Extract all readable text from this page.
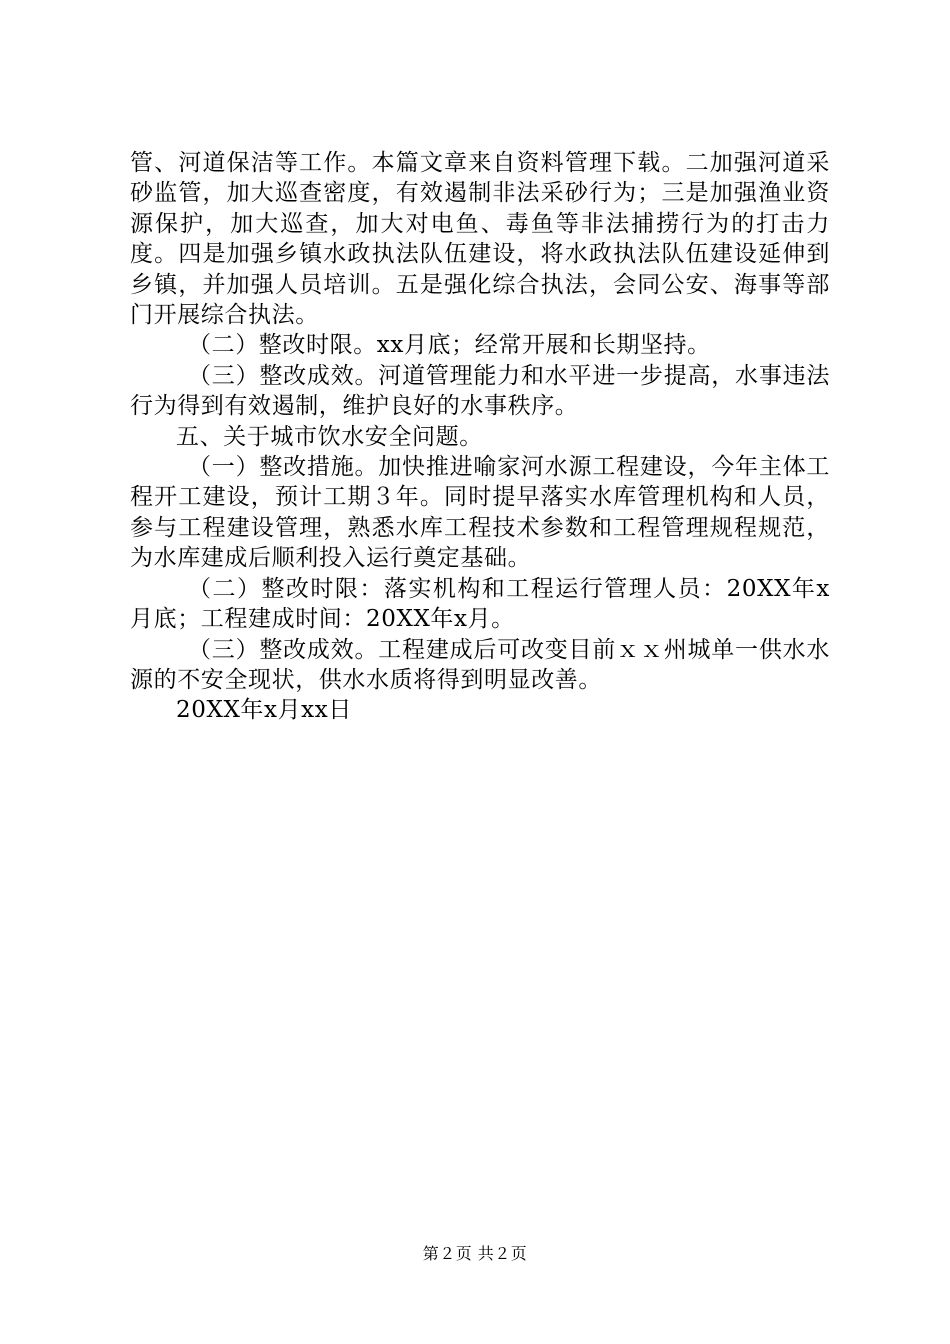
管、河道保洁等工作。本篇文章来自资料管理下载。二加强河道采砂监管，加大巡查密度，有效遏制非法采砂行为；三是加强渔业资源保护，加大巡查，加大对电鱼、毒鱼等非法捕捞行为的打击力度。四是加强乡镇水政执法队伍建设，将水政执法队伍建设延伸到乡镇，并加强人员培训。五是强化综合执法，会同公安、海事等部门开展综合执法。

（二）整改时限。xx月底；经常开展和长期坚持。

（三）整改成效。河道管理能力和水平进一步提高，水事违法行为得到有效遏制，维护良好的水事秩序。

五、关于城市饮水安全问题。

（一）整改措施。加快推进喻家河水源工程建设，今年主体工程开工建设，预计工期３年。同时提早落实水库管理机构和人员，参与工程建设管理，熟悉水库工程技术参数和工程管理规程规范，为水库建成后顺利投入运行奠定基础。

（二）整改时限：落实机构和工程运行管理人员：20XX年x月底；工程建成时间：20XX年x月。

（三）整改成效。工程建成后可改变目前ｘｘ州城单一供水水源的不安全现状，供水水质将得到明显改善。

20XX年x月xx日

第２页 共２页
